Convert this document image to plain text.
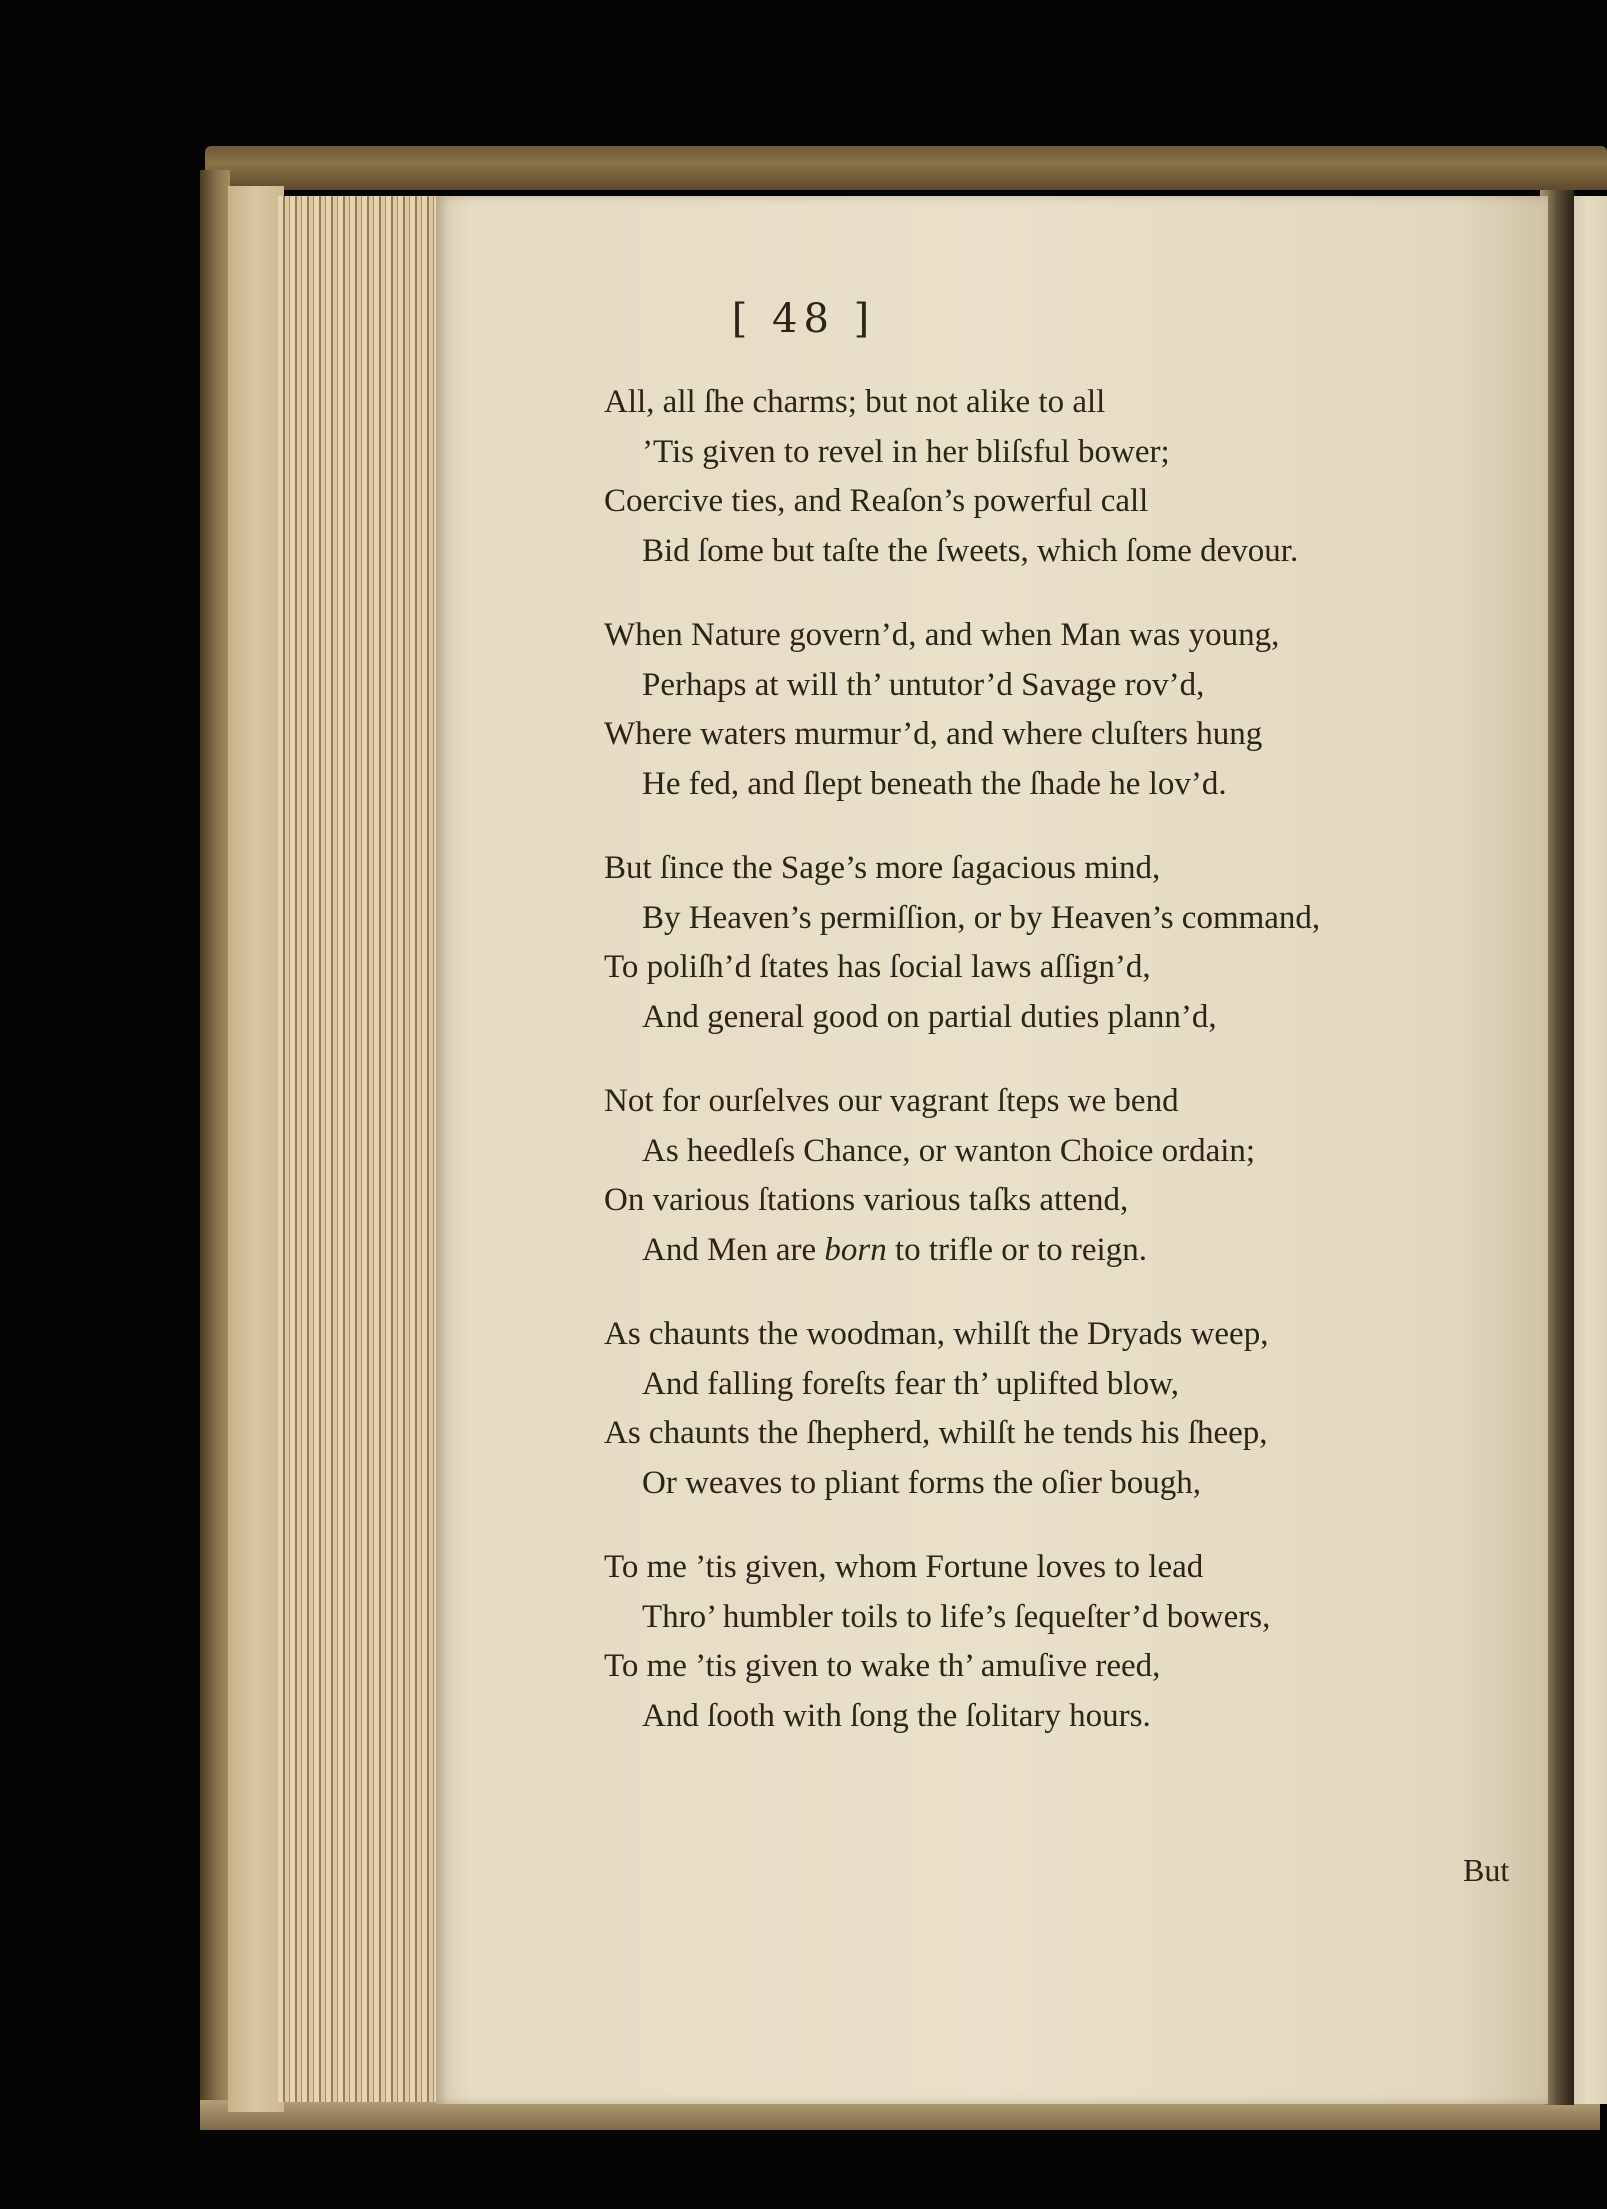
[ 48 ]
All, all ſhe charms; but not alike to all
’Tis given to revel in her bliſsful bower;
Coercive ties, and Reaſon’s powerful call
Bid ſome but taſte the ſweets, which ſome devour.
When Nature govern’d, and when Man was young,
Perhaps at will th’ untutor’d Savage rov’d,
Where waters murmur’d, and where cluſters hung
He fed, and ſlept beneath the ſhade he lov’d.
But ſince the Sage’s more ſagacious mind,
By Heaven’s permiſſion, or by Heaven’s command,
To poliſh’d ſtates has ſocial laws aſſign’d,
And general good on partial duties plann’d,
Not for ourſelves our vagrant ſteps we bend
As heedleſs Chance, or wanton Choice ordain;
On various ſtations various taſks attend,
And Men are born to trifle or to reign.
As chaunts the woodman, whilſt the Dryads weep,
And falling foreſts fear th’ uplifted blow,
As chaunts the ſhepherd, whilſt he tends his ſheep,
Or weaves to pliant forms the oſier bough,
To me ’tis given, whom Fortune loves to lead
Thro’ humbler toils to life’s ſequeſter’d bowers,
To me ’tis given to wake th’ amuſive reed,
And ſooth with ſong the ſolitary hours.
But
